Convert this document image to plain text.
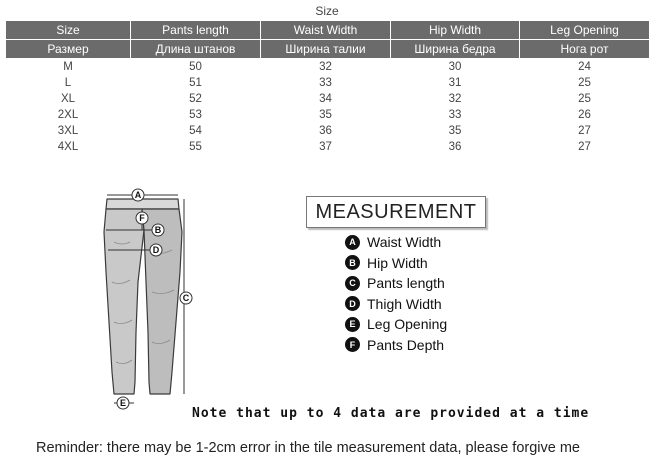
Size
Size	Pants length	Waist Width	Hip Width	Leg Opening
Размер	Длина штанов	Ширина талии	Ширина бедра	Нога рот
M	50	32	30	24
L	51	33	31	25
XL	52	34	32	25
2XL	53	35	33	26
3XL	54	36	35	27
4XL	55	37	36	27
A
F
B
D
C
E
MEASUREMENT
A Waist Width
B Hip Width
C Pants length
D Thigh Width
E Leg Opening
F Pants Depth
Note that up to 4 data are provided at a time
Reminder: there may be 1-2cm error in the tile measurement data, please forgive me
